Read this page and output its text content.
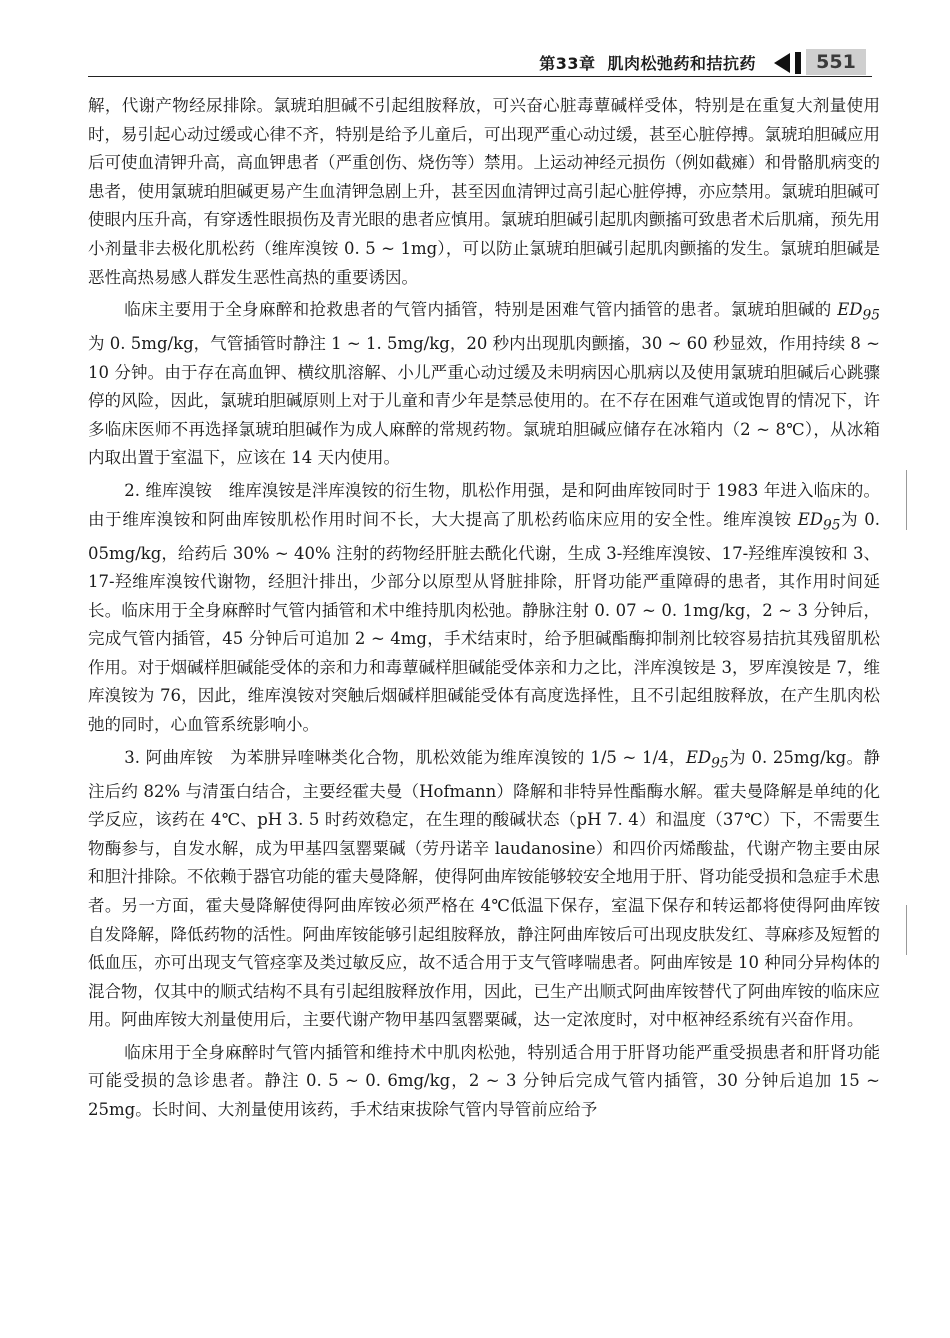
第33章 肌肉松弛药和拮抗药	551

解，代谢产物经尿排除。氯琥珀胆碱不引起组胺释放，可兴奋心脏毒蕈碱样受体，特别是在重复大剂量使用时，易引起心动过缓或心律不齐，特别是给予儿童后，可出现严重心动过缓，甚至心脏停搏。氯琥珀胆碱应用后可使血清钾升高，高血钾患者（严重创伤、烧伤等）禁用。上运动神经元损伤（例如截瘫）和骨骼肌病变的患者，使用氯琥珀胆碱更易产生血清钾急剧上升，甚至因血清钾过高引起心脏停搏，亦应禁用。氯琥珀胆碱可使眼内压升高，有穿透性眼损伤及青光眼的患者应慎用。氯琥珀胆碱引起肌肉颤搐可致患者术后肌痛，预先用小剂量非去极化肌松药（维库溴铵 0. 5 ~ 1mg），可以防止氯琥珀胆碱引起肌肉颤搐的发生。氯琥珀胆碱是恶性高热易感人群发生恶性高热的重要诱因。

临床主要用于全身麻醉和抢救患者的气管内插管，特别是困难气管内插管的患者。氯琥珀胆碱的 $ED_{95}$为 0. 5mg/kg，气管插管时静注 1 ~ 1. 5mg/kg，20 秒内出现肌肉颤搐，30 ~ 60 秒显效，作用持续 8 ~ 10 分钟。由于存在高血钾、横纹肌溶解、小儿严重心动过缓及未明病因心肌病以及使用氯琥珀胆碱后心跳骤停的风险，因此，氯琥珀胆碱原则上对于儿童和青少年是禁忌使用的。在不存在困难气道或饱胃的情况下，许多临床医师不再选择氯琥珀胆碱作为成人麻醉的常规药物。氯琥珀胆碱应储存在冰箱内（2 ~ 8℃），从冰箱内取出置于室温下，应该在 14 天内使用。

2. 维库溴铵　 维库溴铵是泮库溴铵的衍生物，肌松作用强，是和阿曲库铵同时于 1983 年进入临床的。由于维库溴铵和阿曲库铵肌松作用时间不长，大大提高了肌松药临床应用的安全性。维库溴铵 $ED_{95}$为 0. 05mg/kg，给药后 30% ~ 40% 注射的药物经肝脏去酰化代谢，生成 3-羟维库溴铵、17-羟维库溴铵和 3、17-羟维库溴铵代谢物，经胆汁排出，少部分以原型从肾脏排除，肝肾功能严重障碍的患者，其作用时间延长。临床用于全身麻醉时气管内插管和术中维持肌肉松弛。静脉注射 0. 07 ~ 0. 1mg/kg，2 ~ 3 分钟后，完成气管内插管，45 分钟后可追加 2 ~ 4mg，手术结束时，给予胆碱酯酶抑制剂比较容易拮抗其残留肌松作用。对于烟碱样胆碱能受体的亲和力和毒蕈碱样胆碱能受体亲和力之比，泮库溴铵是 3，罗库溴铵是 7，维库溴铵为 76，因此，维库溴铵对突触后烟碱样胆碱能受体有高度选择性，且不引起组胺释放，在产生肌肉松弛的同时，心血管系统影响小。

3. 阿曲库铵　 为苯肼异喹啉类化合物，肌松效能为维库溴铵的 1/5 ~ 1/4，$ED_{95}$为 0. 25mg/kg。静注后约 82% 与清蛋白结合，主要经霍夫曼（Hofmann）降解和非特异性酯酶水解。霍夫曼降解是单纯的化学反应，该药在 4℃、pH 3. 5 时药效稳定，在生理的酸碱状态（pH 7. 4）和温度（37℃）下，不需要生物酶参与，自发水解，成为甲基四氢罂粟碱（劳丹诺辛 laudanosine）和四价丙烯酸盐，代谢产物主要由尿和胆汁排除。不依赖于器官功能的霍夫曼降解，使得阿曲库铵能够较安全地用于肝、肾功能受损和急症手术患者。另一方面，霍夫曼降解使得阿曲库铵必须严格在 4℃低温下保存，室温下保存和转运都将使得阿曲库铵自发降解，降低药物的活性。阿曲库铵能够引起组胺释放，静注阿曲库铵后可出现皮肤发红、荨麻疹及短暂的低血压，亦可出现支气管痉挛及类过敏反应，故不适合用于支气管哮喘患者。阿曲库铵是 10 种同分异构体的混合物，仅其中的顺式结构不具有引起组胺释放作用，因此，已生产出顺式阿曲库铵替代了阿曲库铵的临床应用。阿曲库铵大剂量使用后，主要代谢产物甲基四氢罂粟碱，达一定浓度时，对中枢神经系统有兴奋作用。

临床用于全身麻醉时气管内插管和维持术中肌肉松弛，特别适合用于肝肾功能严重受损患者和肝肾功能可能受损的急诊患者。静注 0. 5 ~ 0. 6mg/kg，2 ~ 3 分钟后完成气管内插管，30 分钟后追加 15 ~ 25mg。长时间、大剂量使用该药，手术结束拔除气管内导管前应给予
